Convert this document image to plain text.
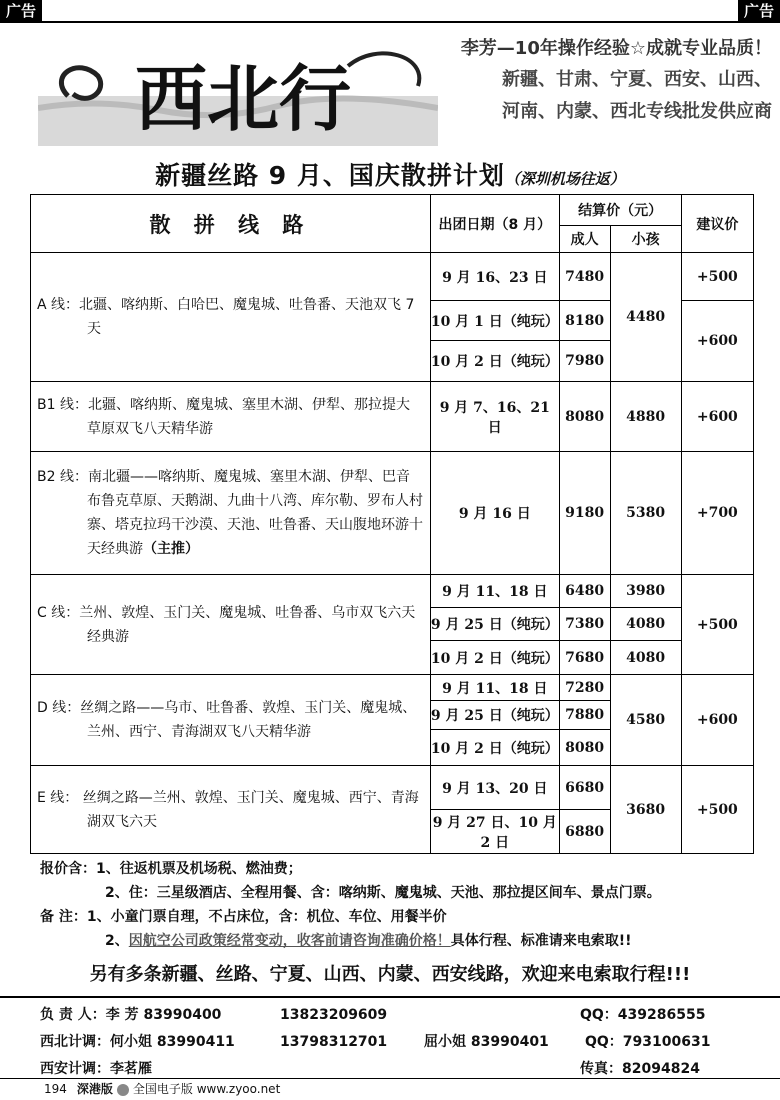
广告	广告
西北行
李芳—10年操作经验☆成就专业品质！
新疆、甘肃、宁夏、西安、山西、
河南、内蒙、西北专线批发供应商
新疆丝路 9 月、国庆散拼计划（深圳机场往返）
散 拼 线 路	出团日期（8 月）	结算价（元）		建议价
		成人	小孩	

A 线：北疆、喀纳斯、白哈巴、魔鬼城、吐鲁番、天池双飞 7 天	9 月 16、23 日	7480	4480	+500
	10 月 1 日（纯玩）	8180		+600
	10 月 2 日（纯玩）	7980		

B1 线：北疆、喀纳斯、魔鬼城、塞里木湖、伊犁、那拉提大草原双飞八天精华游	9 月 7、16、21 日	8080	4880	+600

B2 线：南北疆——喀纳斯、魔鬼城、塞里木湖、伊犁、巴音布鲁克草原、天鹅湖、九曲十八湾、库尔勒、罗布人村寨、塔克拉玛干沙漠、天池、吐鲁番、天山腹地环游十天经典游（主推）	9 月 16 日	9180	5380	+700

C 线：兰州、敦煌、玉门关、魔鬼城、吐鲁番、乌市双飞六天经典游	9 月 11、18 日	6480	3980	+500
	9 月 25 日（纯玩）	7380	4080	
	10 月 2 日（纯玩）	7680	4080	

D 线：丝绸之路——乌市、吐鲁番、敦煌、玉门关、魔鬼城、兰州、西宁、青海湖双飞八天精华游	9 月 11、18 日	7280	4580	+600
	9 月 25 日（纯玩）	7880		
	10 月 2 日（纯玩）	8080		

E 线： 丝绸之路—兰州、敦煌、玉门关、魔鬼城、西宁、青海湖双飞六天	9 月 13、20 日	6680	3680	+500
	9 月 27 日、10 月 2 日	6880		
报价含：1、往返机票及机场税、燃油费；
2、住：三星级酒店、全程用餐、含：喀纳斯、魔鬼城、天池、那拉提区间车、景点门票。
备 注：1、小童门票自理，不占床位，含：机位、车位、用餐半价
2、因航空公司政策经常变动，收客前请咨询准确价格！具体行程、标准请来电索取!!
另有多条新疆、丝路、宁夏、山西、内蒙、西安线路，欢迎来电索取行程!!!
负 责 人：李 芳 83990400	13823209609	QQ：439286555
西北计调：何小姐 83990411	13798312701	屈小姐 83990401	QQ：793100631
西安计调：李茗雁	传真：82094824
194 深港版 全国电子版 www.zyoo.net
